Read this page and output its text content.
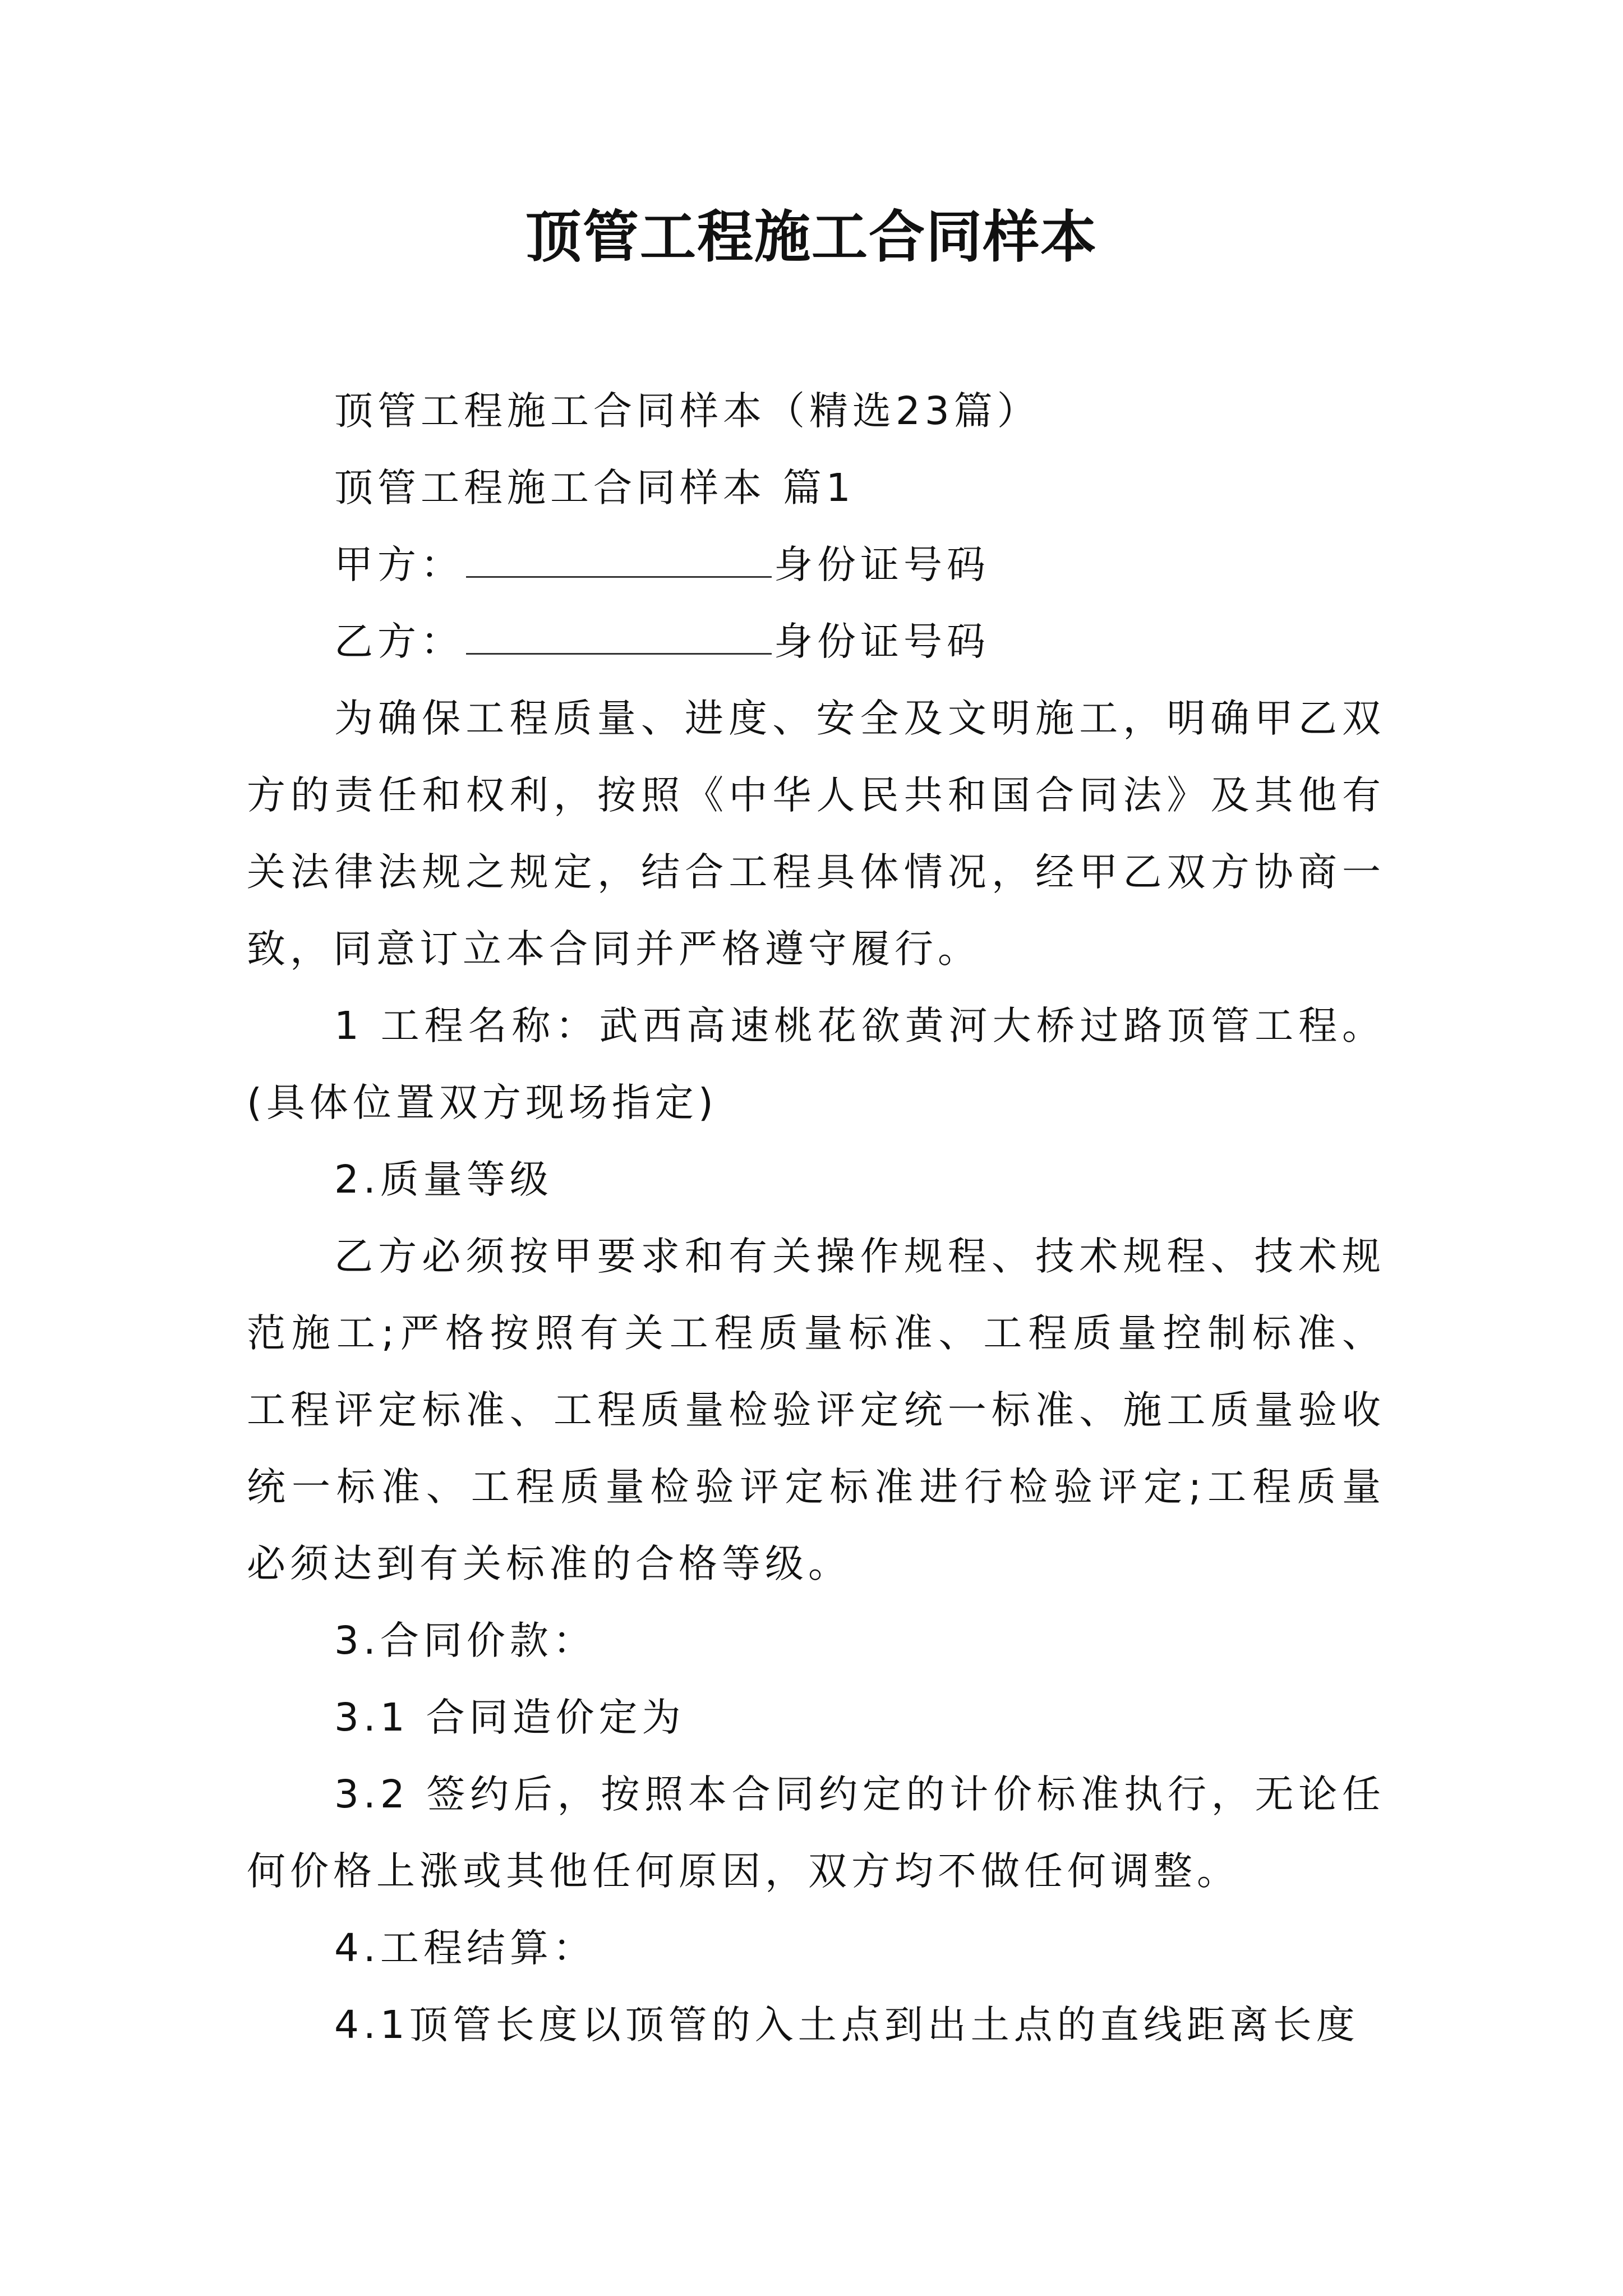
顶管工程施工合同样本

顶管工程施工合同样本（精选23篇）

顶管工程施工合同样本 篇1

甲方：	身份证号码

乙方：	身份证号码

为确保工程质量、进度、安全及文明施工，明确甲乙双方的责任和权利，按照《中华人民共和国合同法》及其他有关法律法规之规定，结合工程具体情况，经甲乙双方协商一致，同意订立本合同并严格遵守履行。

1 工程名称：武西高速桃花欲黄河大桥过路顶管工程。(具体位置双方现场指定)

2.质量等级

乙方必须按甲要求和有关操作规程、技术规程、技术规范施工;严格按照有关工程质量标准、工程质量控制标准、工程评定标准、工程质量检验评定统一标准、施工质量验收统一标准、工程质量检验评定标准进行检验评定;工程质量必须达到有关标准的合格等级。

3.合同价款：

3.1 合同造价定为

3.2 签约后，按照本合同约定的计价标准执行，无论任何价格上涨或其他任何原因，双方均不做任何调整。

4.工程结算：

4.1顶管长度以顶管的入土点到出土点的直线距离长度
